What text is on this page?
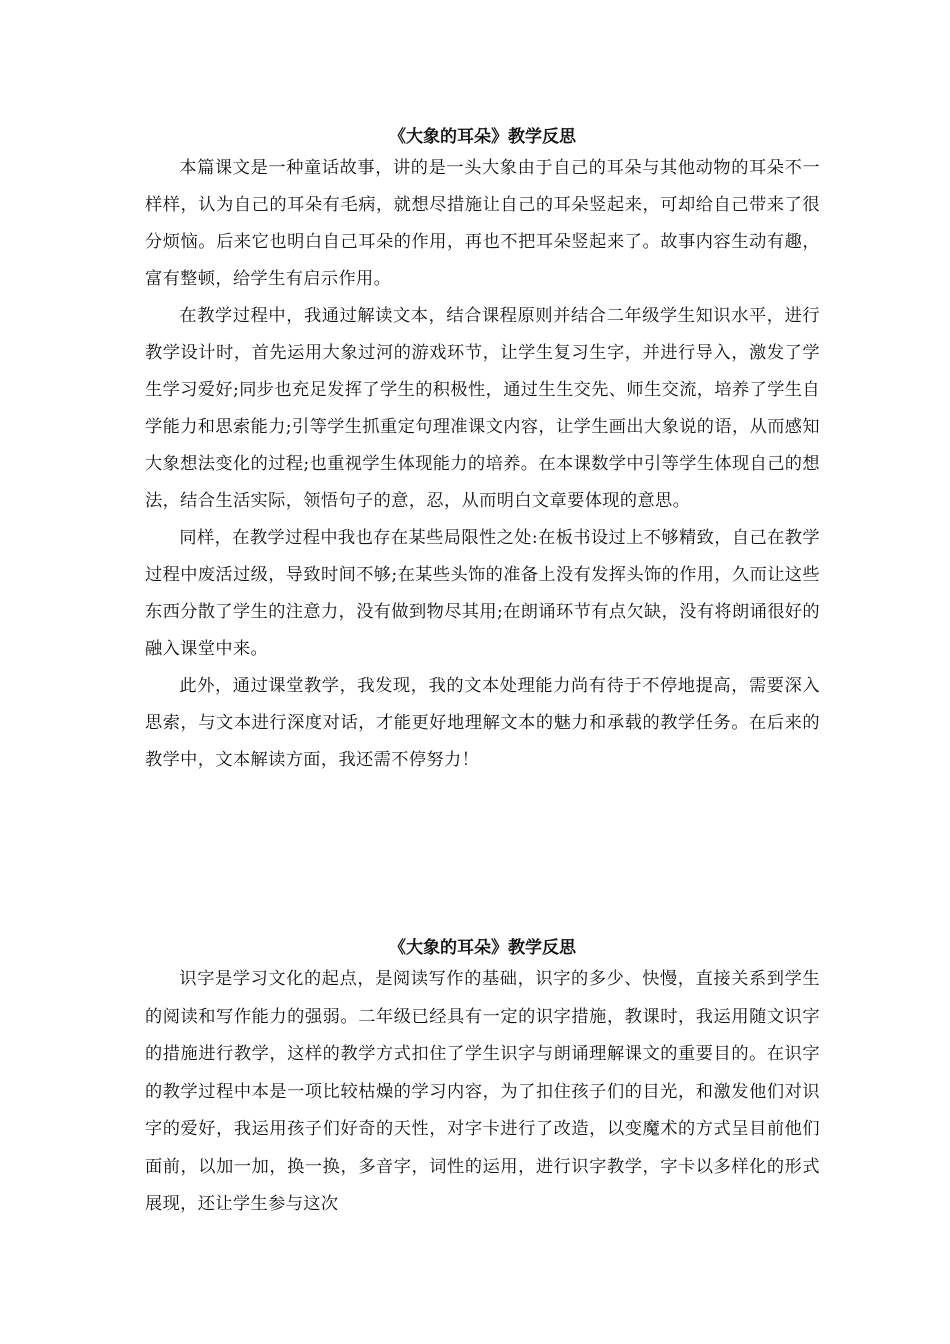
《大象的耳朵》教学反思

本篇课文是一种童话故事，讲的是一头大象由于自己的耳朵与其他动物的耳朵不一样样，认为自己的耳朵有毛病，就想尽措施让自己的耳朵竖起来，可却给自己带来了很分烦恼。后来它也明白自己耳朵的作用，再也不把耳朵竖起来了。故事内容生动有趣，富有整顿，给学生有启示作用。

在教学过程中，我通过解读文本，结合课程原则并结合二年级学生知识水平，进行教学设计时，首先运用大象过河的游戏环节，让学生复习生字，并进行导入，激发了学生学习爱好;同步也充足发挥了学生的积极性，通过生生交先、师生交流，培养了学生自学能力和思索能力;引等学生抓重定句理准课文内容，让学生画出大象说的语，从而感知大象想法变化的过程;也重视学生体现能力的培养。在本课数学中引等学生体现自己的想法，结合生活实际，领悟句子的意，忍，从而明白文章要体现的意思。

同样，在教学过程中我也存在某些局限性之处:在板书设过上不够精致，自己在教学过程中废活过级，导致时间不够;在某些头饰的准备上没有发挥头饰的作用，久而让这些东西分散了学生的注意力，没有做到物尽其用;在朗诵环节有点欠缺，没有将朗诵很好的融入课堂中来。

此外，通过课堂教学，我发现，我的文本处理能力尚有待于不停地提高，需要深入思索，与文本进行深度对话，才能更好地理解文本的魅力和承载的教学任务。在后来的教学中，文本解读方面，我还需不停努力！

《大象的耳朵》教学反思

识字是学习文化的起点，是阅读写作的基础，识字的多少、快慢，直接关系到学生的阅读和写作能力的强弱。二年级已经具有一定的识字措施，教课时，我运用随文识字的措施进行教学，这样的教学方式扣住了学生识字与朗诵理解课文的重要目的。在识字的教学过程中本是一项比较枯燥的学习内容，为了扣住孩子们的目光，和激发他们对识字的爱好，我运用孩子们好奇的天性，对字卡进行了改造，以变魔术的方式呈目前他们面前，以加一加，换一换，多音字，词性的运用，进行识字教学，字卡以多样化的形式展现，还让学生参与这次
